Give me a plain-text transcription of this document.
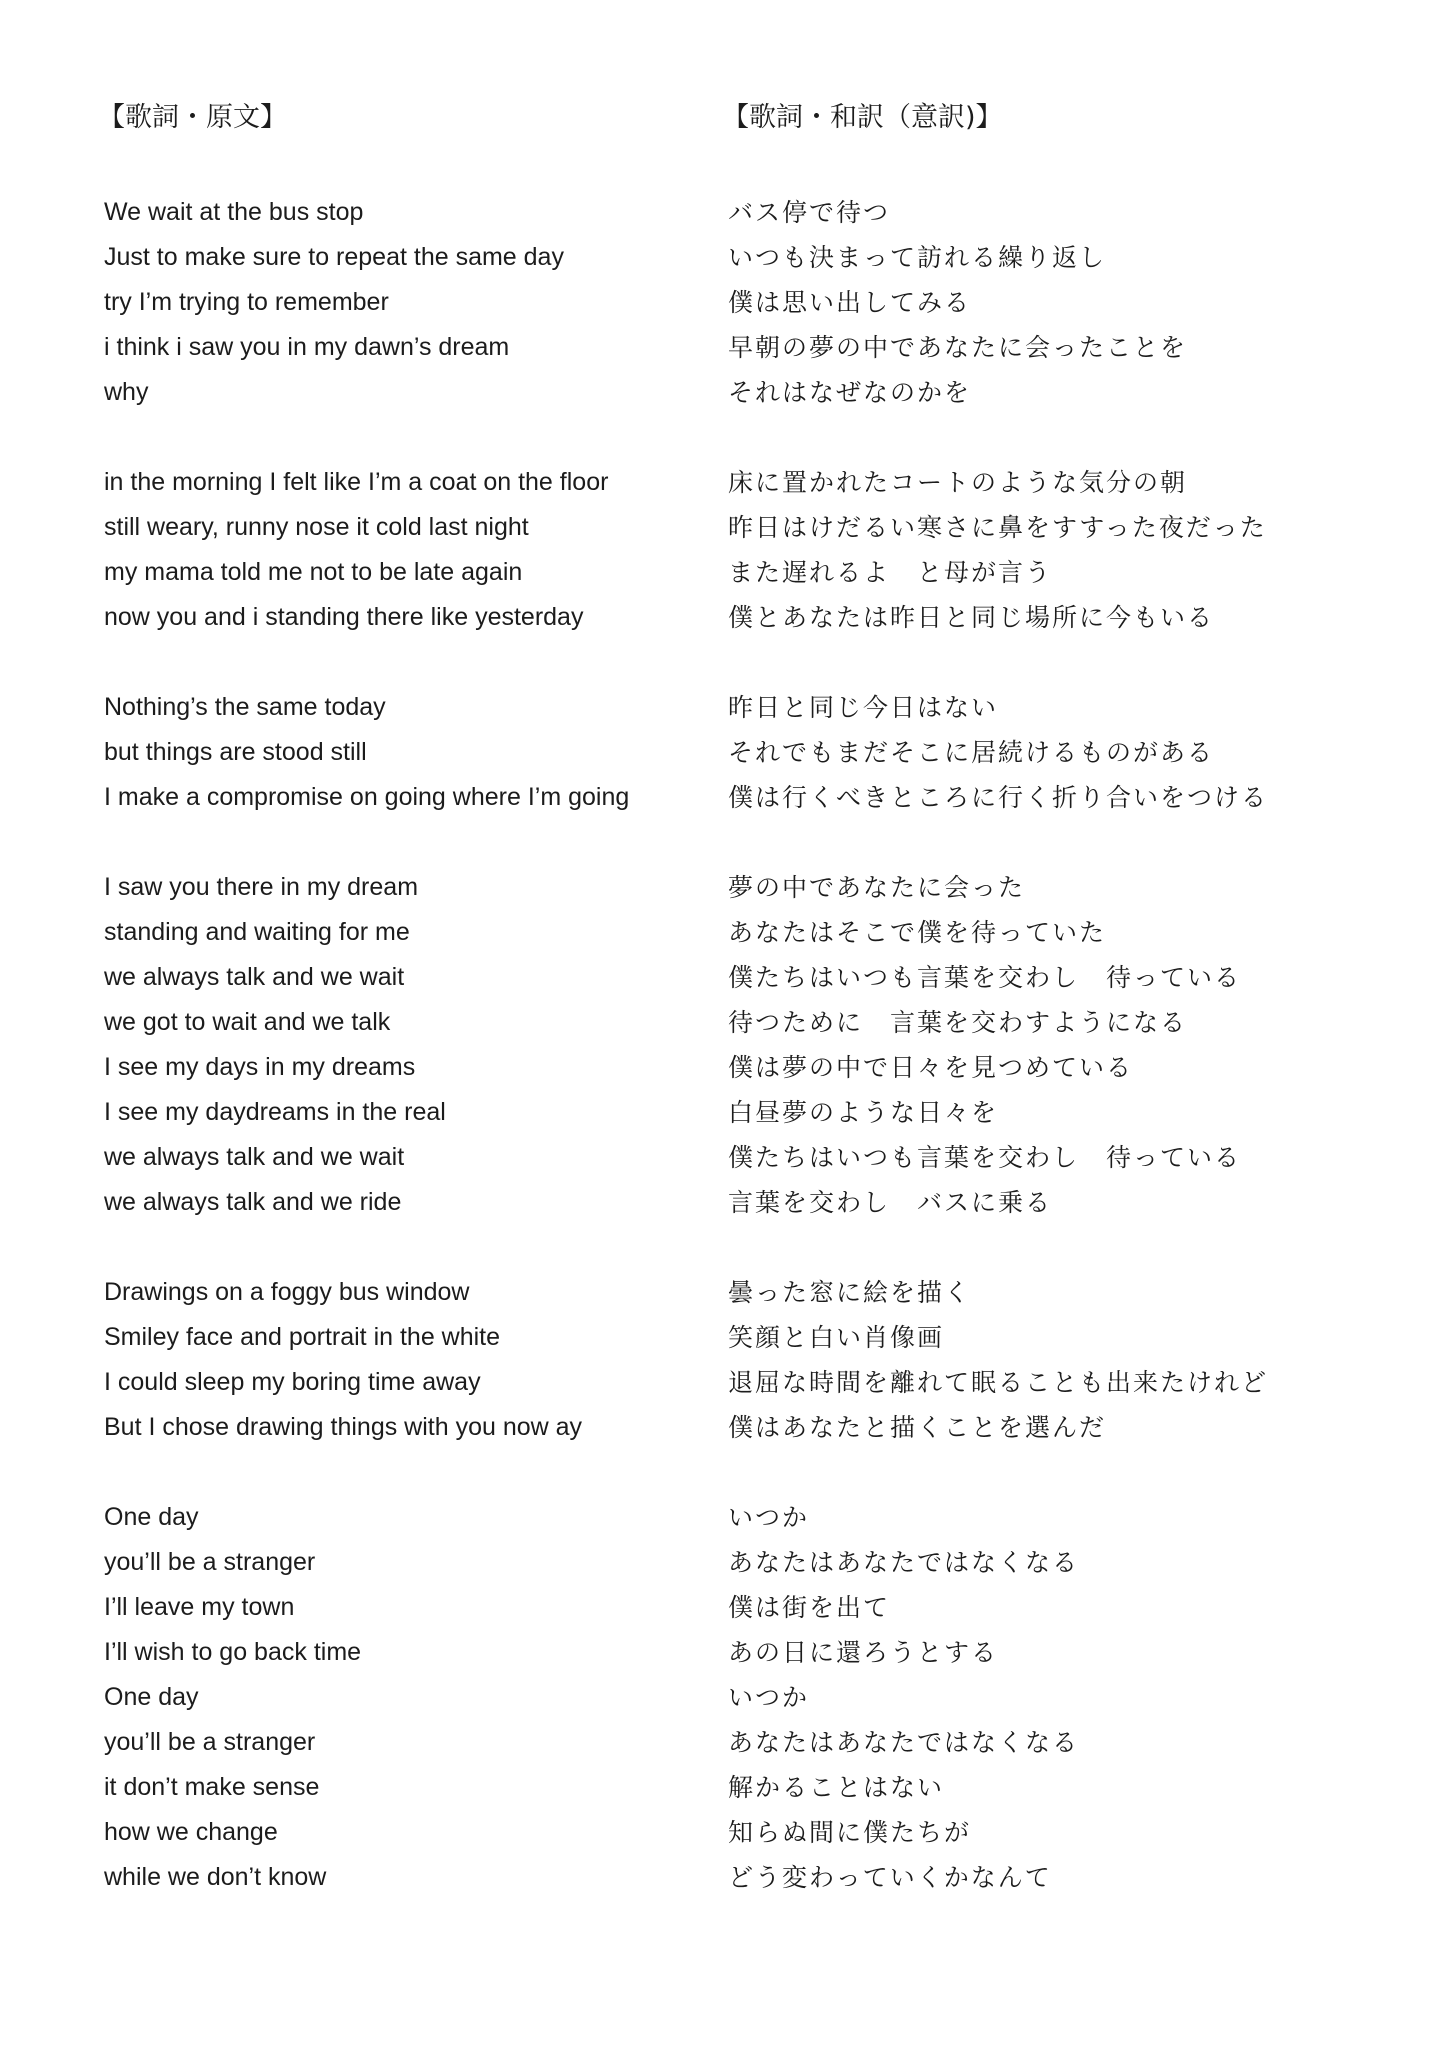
【歌詞・原文】
We wait at the bus stop
Just to make sure to repeat the same day
try I’m trying to remember
i think i saw you in my dawn’s dream
why
in the morning I felt like I’m a coat on the floor
still weary, runny nose it cold last night
my mama told me not to be late again
now you and i standing there like yesterday
Nothing’s the same today
but things are stood still
I make a compromise on going where I’m going
I saw you there in my dream
standing and waiting for me
we always talk and we wait
we got to wait and we talk
I see my days in my dreams
I see my daydreams in the real
we always talk and we wait
we always talk and we ride
Drawings on a foggy bus window
Smiley face and portrait in the white
I could sleep my boring time away
But I chose drawing things with you now ay
One day
you’ll be a stranger
I’ll leave my town
I’ll wish to go back time
One day
you’ll be a stranger
it don’t make sense
how we change
while we don’t know
【歌詞・和訳（意訳)】
バス停で待つ
いつも決まって訪れる繰り返し
僕は思い出してみる
早朝の夢の中であなたに会ったことを
それはなぜなのかを
床に置かれたコートのような気分の朝
昨日はけだるい寒さに鼻をすすった夜だった
また遅れるよ　と母が言う
僕とあなたは昨日と同じ場所に今もいる
昨日と同じ今日はない
それでもまだそこに居続けるものがある
僕は行くべきところに行く折り合いをつける
夢の中であなたに会った
あなたはそこで僕を待っていた
僕たちはいつも言葉を交わし　待っている
待つために　言葉を交わすようになる
僕は夢の中で日々を見つめている
白昼夢のような日々を
僕たちはいつも言葉を交わし　待っている
言葉を交わし　バスに乗る
曇った窓に絵を描く
笑顔と白い肖像画
退屈な時間を離れて眠ることも出来たけれど
僕はあなたと描くことを選んだ
いつか
あなたはあなたではなくなる
僕は街を出て
あの日に還ろうとする
いつか
あなたはあなたではなくなる
解かることはない
知らぬ間に僕たちが
どう変わっていくかなんて
